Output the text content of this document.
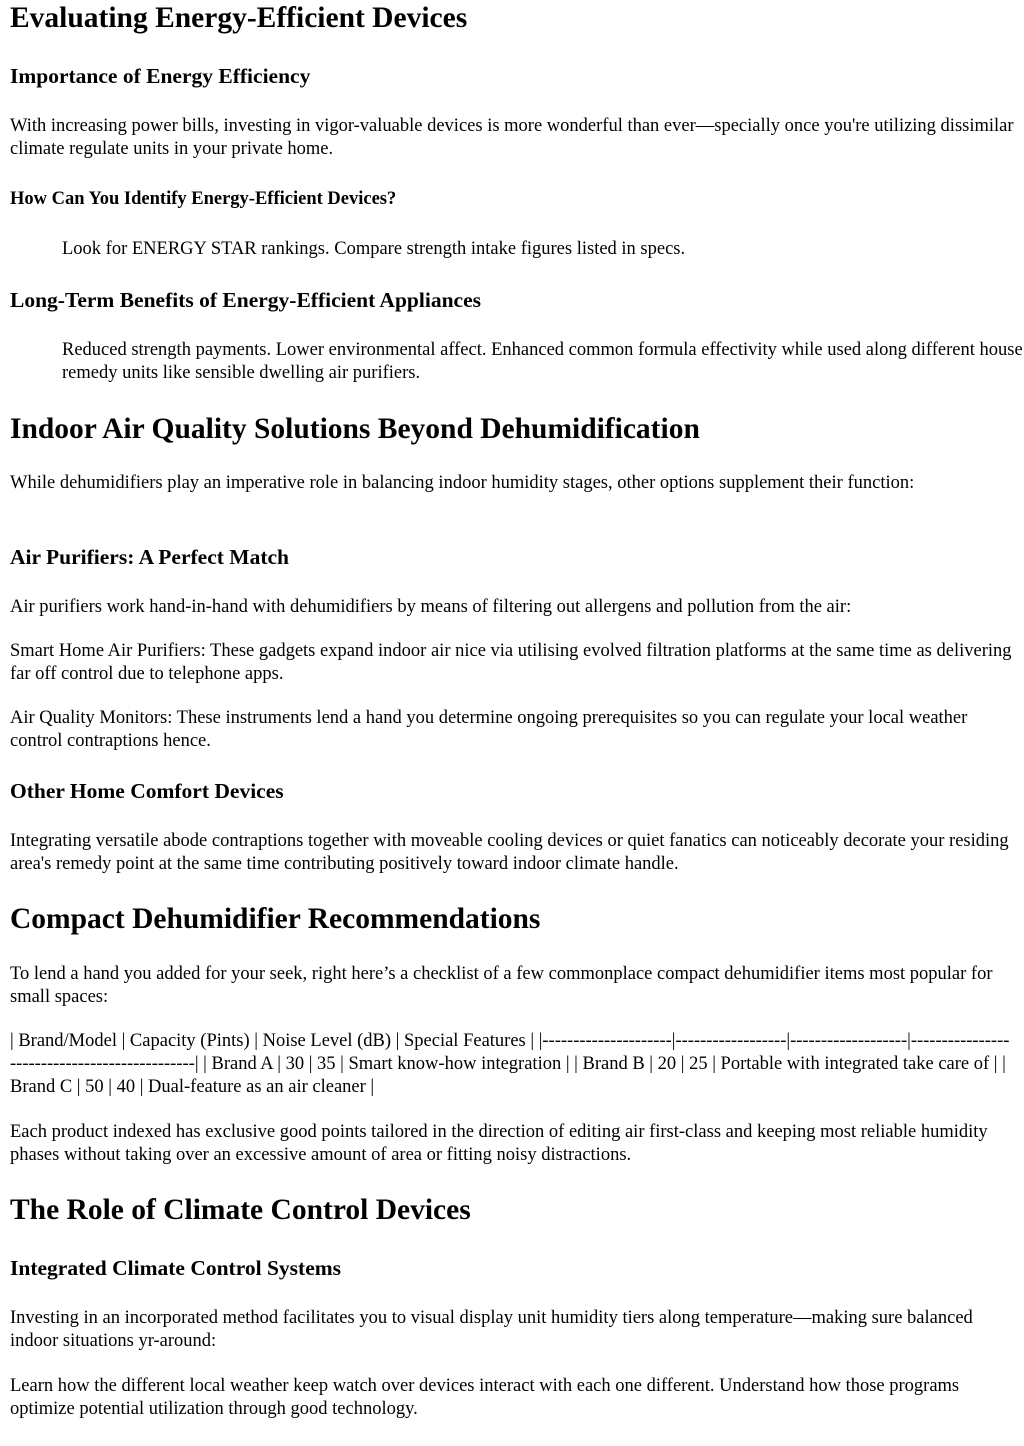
Evaluating Energy-Efficient Devices
Importance of Energy Efficiency

With increasing power bills, investing in vigor-valuable devices is more wonderful than ever—specially once you're utilizing dissimilar climate regulate units in your private home.

How Can You Identify Energy-Efficient Devices?

Look for ENERGY STAR rankings. Compare strength intake figures listed in specs.

Long-Term Benefits of Energy-Efficient Appliances

Reduced strength payments. Lower environmental affect. Enhanced common formula effectivity while used along different house remedy units like sensible dwelling air purifiers.

Indoor Air Quality Solutions Beyond Dehumidification

While dehumidifiers play an imperative role in balancing indoor humidity stages, other options supplement their function:

Air Purifiers: A Perfect Match

Air purifiers work hand-in-hand with dehumidifiers by means of filtering out allergens and pollution from the air:

Smart Home Air Purifiers: These gadgets expand indoor air nice via utilising evolved filtration platforms at the same time as delivering far off control due to telephone apps.

Air Quality Monitors: These instruments lend a hand you determine ongoing prerequisites so you can regulate your local weather control contraptions hence.

Other Home Comfort Devices

Integrating versatile abode contraptions together with moveable cooling devices or quiet fanatics can noticeably decorate your residing area's remedy point at the same time contributing positively toward indoor climate handle.

Compact Dehumidifier Recommendations

To lend a hand you added for your seek, right here’s a checklist of a few commonplace compact dehumidifier items most popular for small spaces:

| Brand/Model | Capacity (Pints) | Noise Level (dB) | Special Features | |---------------------|------------------|-------------------|----------------------------------------------| | Brand A | 30 | 35 | Smart know-how integration | | Brand B | 20 | 25 | Portable with integrated take care of | | Brand C | 50 | 40 | Dual-feature as an air cleaner |

Each product indexed has exclusive good points tailored in the direction of editing air first-class and keeping most reliable humidity phases without taking over an excessive amount of area or fitting noisy distractions.

The Role of Climate Control Devices
Integrated Climate Control Systems

Investing in an incorporated method facilitates you to visual display unit humidity tiers along temperature—making sure balanced indoor situations yr-around:

Learn how the different local weather keep watch over devices interact with each one different. Understand how those programs optimize potential utilization through good technology.
